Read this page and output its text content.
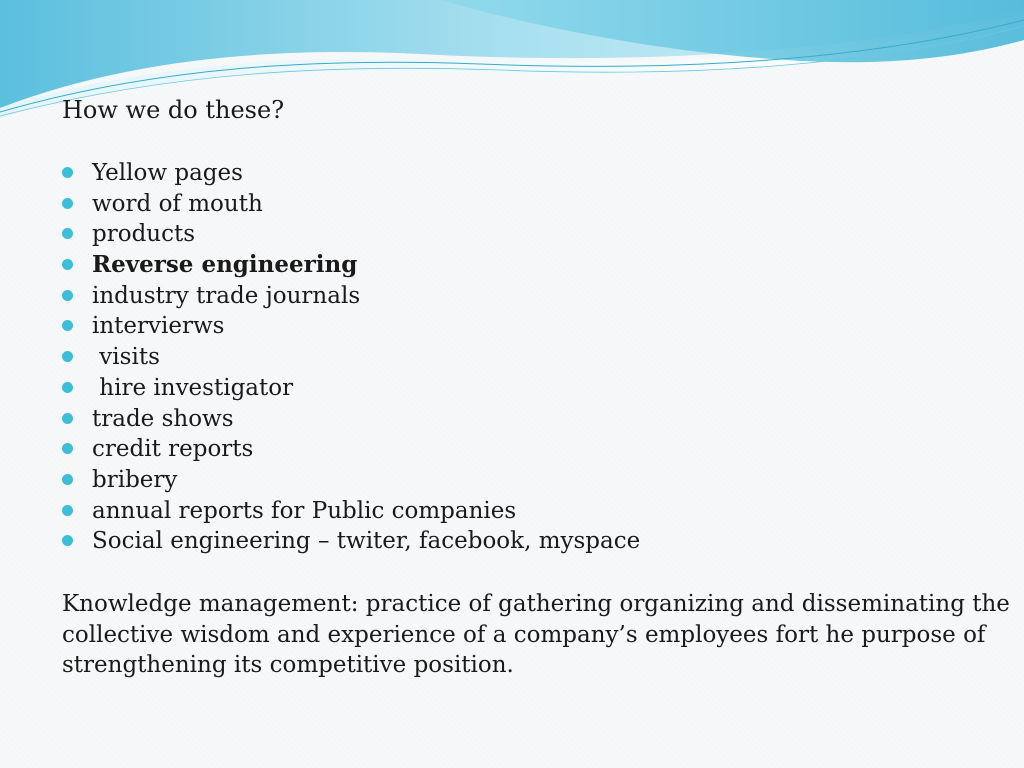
How we do these?
Yellow pages
word of mouth
products
Reverse engineering
industry trade journals
intervierws
visits
hire investigator
trade shows
credit reports
bribery
annual reports for Public companies
Social engineering – twiter, facebook, myspace
Knowledge management: practice of gathering organizing and disseminating the
collective wisdom and experience of a company’s employees fort he purpose of
strengthening its competitive position.
